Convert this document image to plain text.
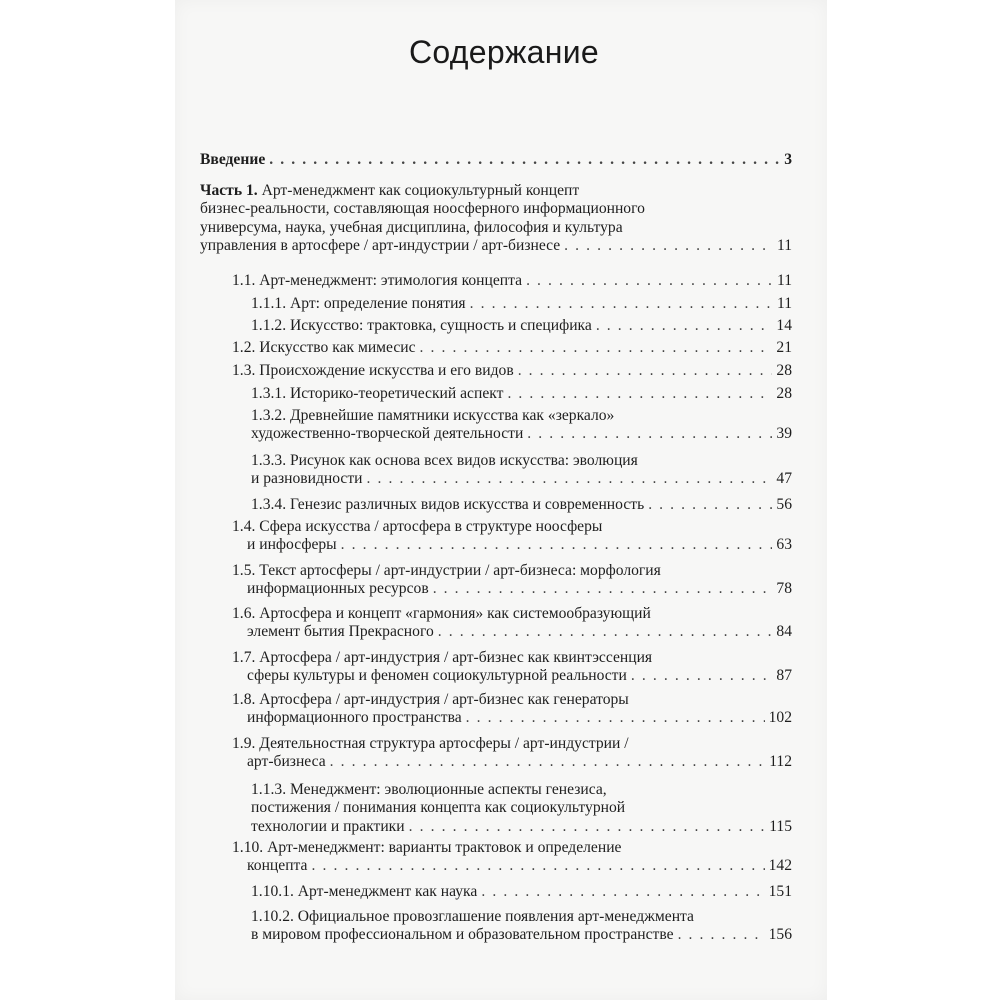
Содержание
Введение . . .	3
Часть 1. Арт-менеджмент как социокультурный концепт
бизнес-реальности, составляющая ноосферного информационного
универсума, наука, учебная дисциплина, философия и культура
управления в артосфере / арт-индустрии / арт-бизнесе . . .	11
1.1. Арт-менеджмент: этимология концепта . . .	11
1.1.1. Арт: определение понятия . . .	11
1.1.2. Искусство: трактовка, сущность и специфика . . .	14
1.2. Искусство как мимесис . . .	21
1.3. Происхождение искусства и его видов . . .	28
1.3.1. Историко-теоретический аспект . . .	28
1.3.2. Древнейшие памятники искусства как «зеркало»
художественно-творческой деятельности . . .	39
1.3.3. Рисунок как основа всех видов искусства: эволюция
и разновидности . . .	47
1.3.4. Генезис различных видов искусства и современность . . .	56
1.4. Сфера искусства / артосфера в структуре ноосферы
и инфосферы . . .	63
1.5. Текст артосферы / арт-индустрии / арт-бизнеса: морфология
информационных ресурсов . . .	78
1.6. Артосфера и концепт «гармония» как системообразующий
элемент бытия Прекрасного . . .	84
1.7. Артосфера / арт-индустрия / арт-бизнес как квинтэссенция
сферы культуры и феномен социокультурной реальности . . .	87
1.8. Артосфера / арт-индустрия / арт-бизнес как генераторы
информационного пространства . . .	102
1.9. Деятельностная структура артосферы / арт-индустрии /
арт-бизнеса . . .	112
1.1.3. Менеджмент: эволюционные аспекты генезиса,
постижения / понимания концепта как социокультурной
технологии и практики . . .	115
1.10. Арт-менеджмент: варианты трактовок и определение
концепта . . .	142
1.10.1. Арт-менеджмент как наука . . .	151
1.10.2. Официальное провозглашение появления арт-менеджмента
в мировом профессиональном и образовательном пространстве . . .	156
